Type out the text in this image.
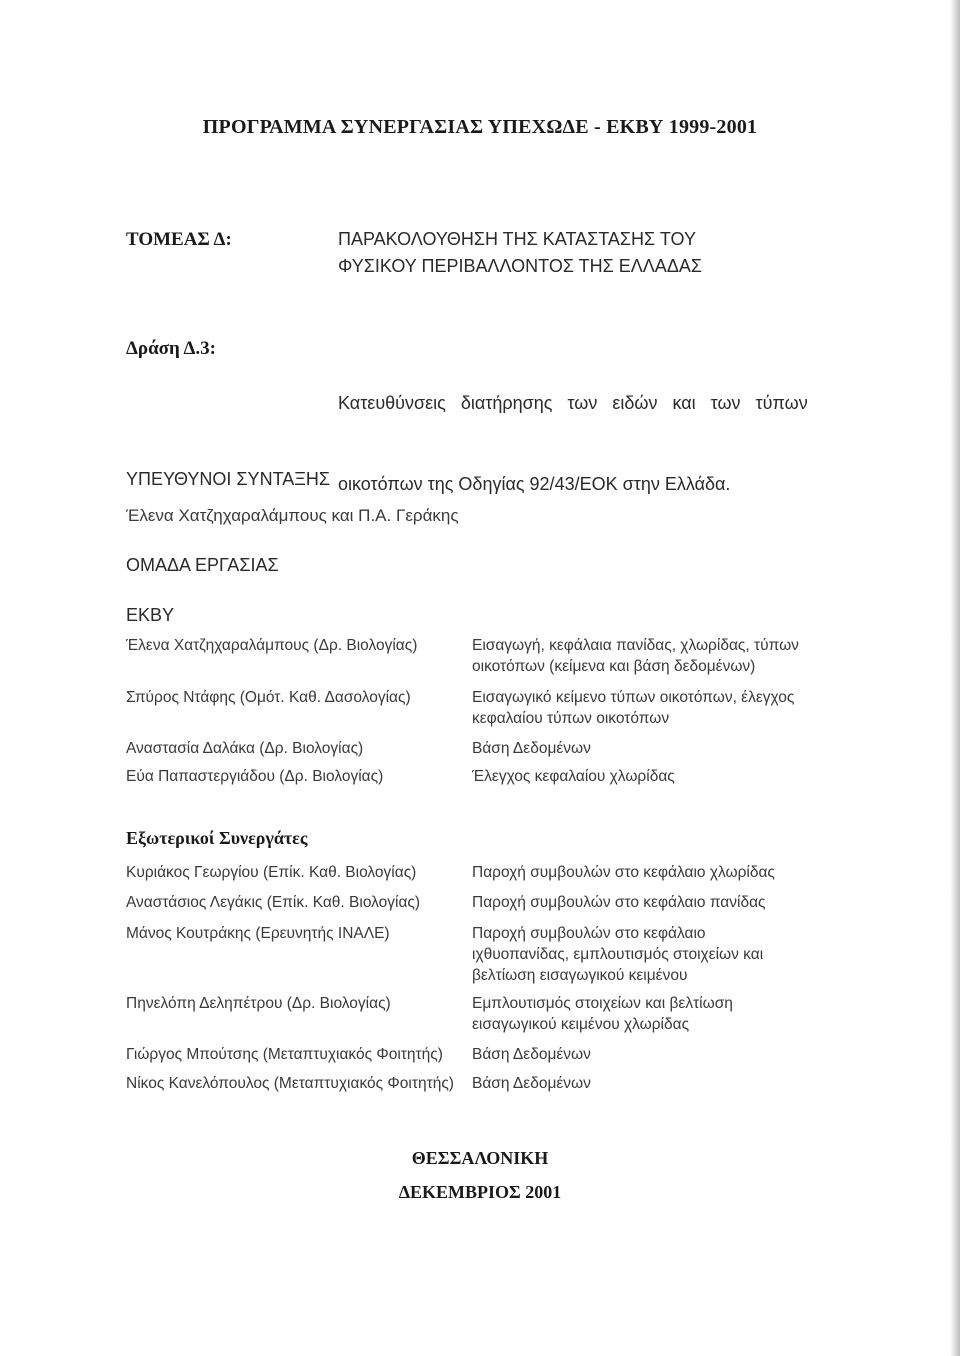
ΠΡΟΓΡΑΜΜΑ ΣΥΝΕΡΓΑΣΙΑΣ ΥΠΕΧΩΔΕ - ΕΚΒΥ 1999-2001
ΤΟΜΕΑΣ Δ:	ΠΑΡΑΚΟΛΟΥΘΗΣΗ ΤΗΣ ΚΑΤΑΣΤΑΣΗΣ ΤΟΥ
ΦΥΣΙΚΟΥ ΠΕΡΙΒΑΛΛΟΝΤΟΣ ΤΗΣ ΕΛΛΑΔΑΣ
Δράση Δ.3:

Κατευθύνσεις   διατήρησης   των   ειδών   και   των   τύπων

οικοτόπων της Οδηγίας 92/43/ΕΟΚ στην Ελλάδα.

ΥΠΕΥΘΥΝΟΙ ΣΥΝΤΑΞΗΣ
Έλενα Χατζηχαραλάμπους και Π.Α. Γεράκης
ΟΜΑΔΑ ΕΡΓΑΣΙΑΣ
ΕΚΒΥ
Έλενα Χατζηχαραλάμπους (Δρ. Βιολογίας)	Εισαγωγή, κεφάλαια πανίδας, χλωρίδας, τύπων οικοτόπων (κείμενα και βάση δεδομένων)
Σπύρος Ντάφης (Ομότ. Καθ. Δασολογίας)	Εισαγωγικό κείμενο τύπων οικοτόπων, έλεγχος κεφαλαίου τύπων οικοτόπων
Αναστασία Δαλάκα (Δρ. Βιολογίας)	Βάση Δεδομένων
Εύα Παπαστεργιάδου (Δρ. Βιολογίας)	Έλεγχος κεφαλαίου χλωρίδας
Εξωτερικοί Συνεργάτες
Κυριάκος Γεωργίου (Επίκ. Καθ. Βιολογίας)	Παροχή συμβουλών στο κεφάλαιο χλωρίδας
Αναστάσιος Λεγάκις (Επίκ. Καθ. Βιολογίας)	Παροχή συμβουλών στο κεφάλαιο πανίδας
Μάνος Κουτράκης (Ερευνητής ΙΝΑΛΕ)	Παροχή συμβουλών στο κεφάλαιο ιχθυοπανίδας, εμπλουτισμός στοιχείων και βελτίωση εισαγωγικού κειμένου
Πηνελόπη Δεληπέτρου (Δρ. Βιολογίας)	Εμπλουτισμός στοιχείων και βελτίωση εισαγωγικού κειμένου χλωρίδας
Γιώργος Μπούτσης (Μεταπτυχιακός Φοιτητής) Βάση Δεδομένων
Νίκος Κανελόπουλος (Μεταπτυχιακός Φοιτητής) Βάση Δεδομένων
ΘΕΣΣΑΛΟΝΙΚΗ
ΔΕΚΕΜΒΡΙΟΣ 2001
